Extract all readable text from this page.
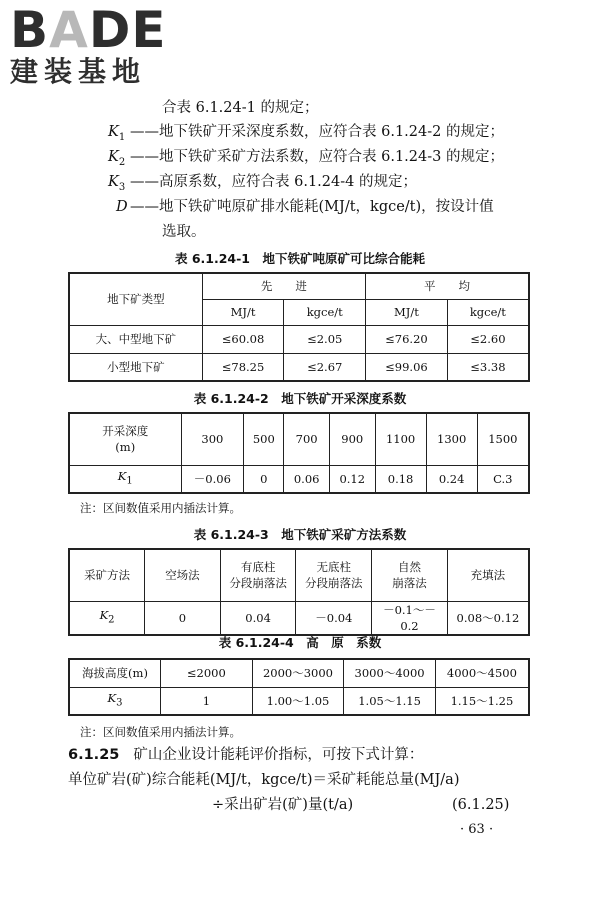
BADE
建装基地
合表 6.1.24-1 的规定；
$K_1$ ——地下铁矿开采深度系数，应符合表 6.1.24-2 的规定；
$K_2$ ——地下铁矿采矿方法系数，应符合表 6.1.24-3 的规定；
$K_3$ ——高原系数，应符合表 6.1.24-4 的规定；
D ——地下铁矿吨原矿排水能耗(MJ/t，kgce/t)，按设计值
选取。
表 6.1.24-1　地下铁矿吨原矿可比综合能耗
地下矿类型	先　　进		平　　均	
	MJ/t	kgce/t	MJ/t	kgce/t
大、中型地下矿	≤60.08	≤2.05	≤76.20	≤2.60
小型地下矿	≤78.25	≤2.67	≤99.06	≤3.38
表 6.1.24-2　地下铁矿开采深度系数
开采深度
(m)	300	500	700	900	1100	1300	1500
$K_1$	－0.06	0	0.06	0.12	0.18	0.24	C.3
注：区间数值采用内插法计算。
表 6.1.24-3　地下铁矿采矿方法系数
采矿方法	空场法	有底柱
分段崩落法	无底柱
分段崩落法	自然
崩落法	充填法
$K_2$	0	0.04	－0.04	－0.1～－0.2	0.08～0.12
表 6.1.24-4　高　原　系数
海拔高度(m)	≤2000	2000～3000	3000～4000	4000～4500
$K_3$	1	1.00～1.05	1.05～1.15	1.15～1.25
注：区间数值采用内插法计算。
6.1.25 矿山企业设计能耗评价指标，可按下式计算：
单位矿岩(矿)综合能耗(MJ/t，kgce/t)＝采矿耗能总量(MJ/a)
÷采出矿岩(矿)量(t/a)	(6.1.25)
· 63 ·
